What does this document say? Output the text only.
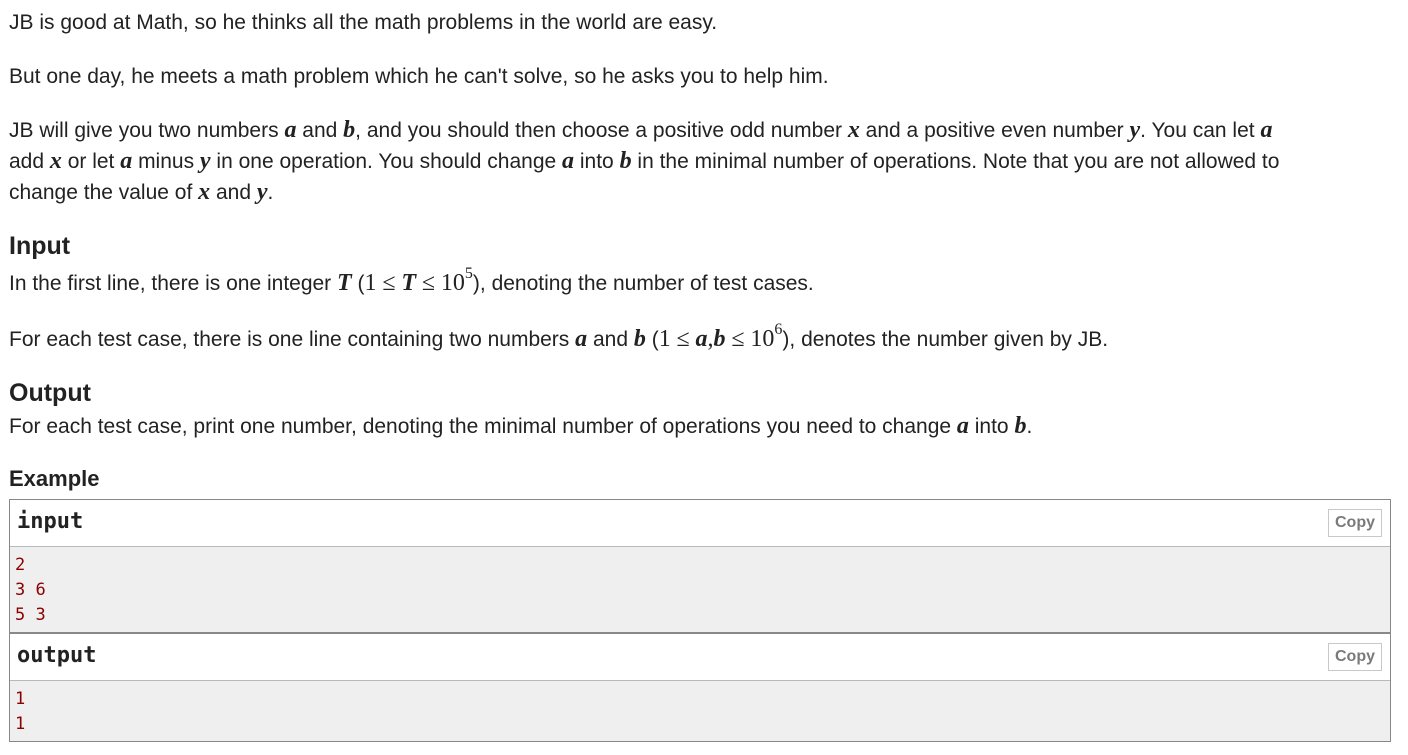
JB is good at Math, so he thinks all the math problems in the world are easy.
But one day, he meets a math problem which he can't solve, so he asks you to help him.
JB will give you two numbers a and b, and you should then choose a positive odd number x and a positive even number y. You can let a
add x or let a minus y in one operation. You should change a into b in the minimal number of operations. Note that you are not allowed to
change the value of x and y.
Input
In the first line, there is one integer T $(1 \le T \le 10^5)$, denoting the number of test cases.
For each test case, there is one line containing two numbers a and b $(1 \le a,b \le 10^6)$, denotes the number given by JB.
Output
For each test case, print one number, denoting the minimal number of operations you need to change a into b.
Example
input	Copy
2
3 6
5 3
output	Copy
1
1
